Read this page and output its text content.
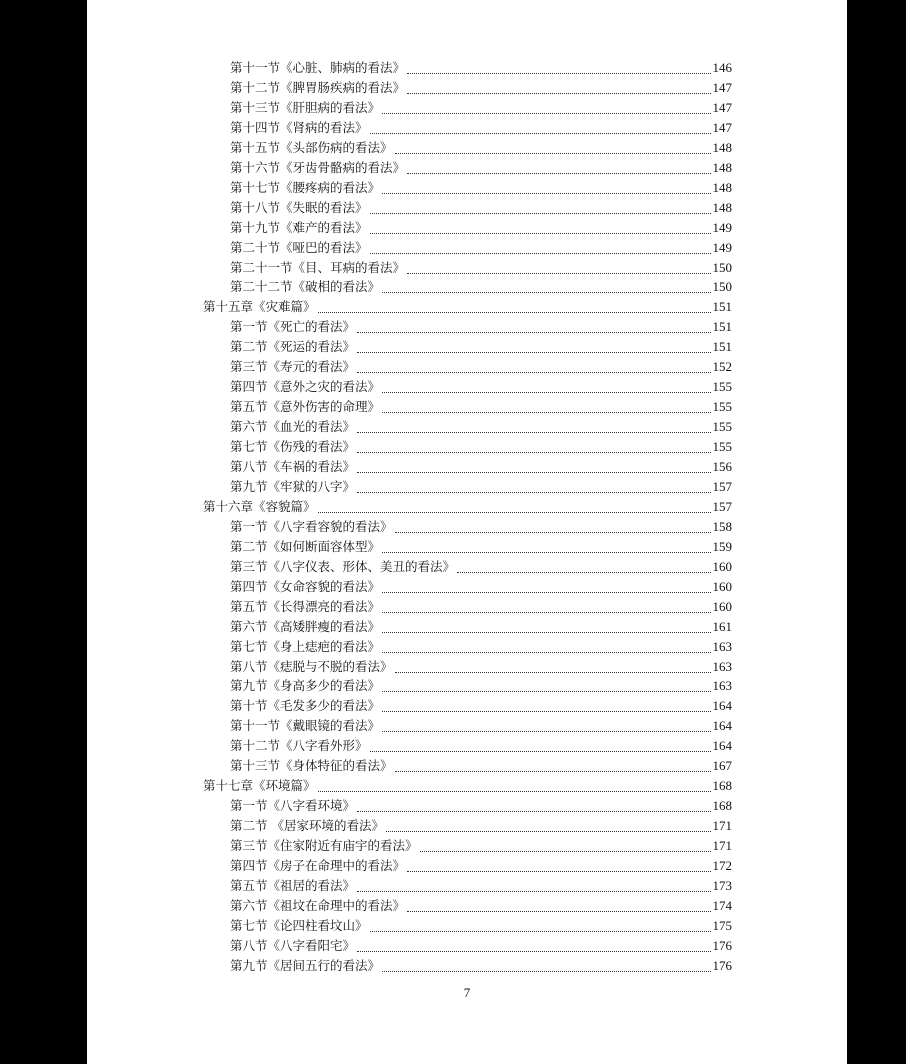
第十一节《心脏、肺病的看法》	146
第十二节《脾胃肠疾病的看法》	147
第十三节《肝胆病的看法》	147
第十四节《肾病的看法》	147
第十五节《头部伤病的看法》	148
第十六节《牙齿骨骼病的看法》	148
第十七节《腰疼病的看法》	148
第十八节《失眠的看法》	148
第十九节《难产的看法》	149
第二十节《哑巴的看法》	149
第二十一节《目、耳病的看法》	150
第二十二节《破相的看法》	150
第十五章《灾难篇》	151
第一节《死亡的看法》	151
第二节《死运的看法》	151
第三节《寿元的看法》	152
第四节《意外之灾的看法》	155
第五节《意外伤害的命理》	155
第六节《血光的看法》	155
第七节《伤残的看法》	155
第八节《车祸的看法》	156
第九节《牢狱的八字》	157
第十六章《容貌篇》	157
第一节《八字看容貌的看法》	158
第二节《如何断面容体型》	159
第三节《八字仪表、形体、美丑的看法》	160
第四节《女命容貌的看法》	160
第五节《长得漂亮的看法》	160
第六节《高矮胖瘦的看法》	161
第七节《身上痣疤的看法》	163
第八节《痣脱与不脱的看法》	163
第九节《身高多少的看法》	163
第十节《毛发多少的看法》	164
第十一节《戴眼镜的看法》	164
第十二节《八字看外形》	164
第十三节《身体特征的看法》	167
第十七章《环境篇》	168
第一节《八字看环境》	168
第二节 《居家环境的看法》	171
第三节《住家附近有庙宇的看法》	171
第四节《房子在命理中的看法》	172
第五节《祖居的看法》	173
第六节《祖坟在命理中的看法》	174
第七节《论四柱看坟山》	175
第八节《八字看阳宅》	176
第九节《居间五行的看法》	176
7
